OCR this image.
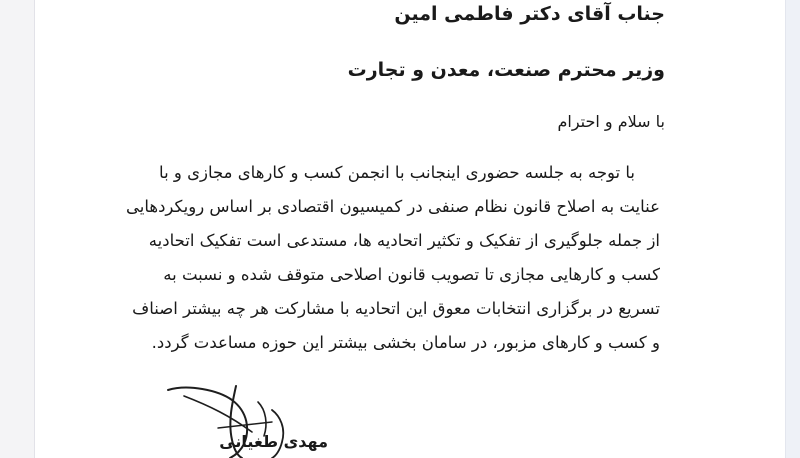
جناب آقای دکتر فاطمی امین

وزیر محترم صنعت، معدن و تجارت

با سلام و احترام

با توجه به جلسه حضوری اینجانب با انجمن کسب و کارهای مجازی و با

عنایت به اصلاح قانون نظام صنفی در کمیسیون اقتصادی بر اساس رویکردهایی

از جمله جلوگیری از تفکیک و تکثیر اتحادیه ها، مستدعی است تفکیک اتحادیه

کسب و کارهایی مجازی تا تصویب قانون اصلاحی متوقف شده و نسبت به

تسریع در برگزاری انتخابات معوق این اتحادیه با مشارکت هر چه بیشتر اصناف

و کسب و کارهای مزبور، در سامان بخشی بیشتر این حوزه مساعدت گردد.

مهدی طغیانی
